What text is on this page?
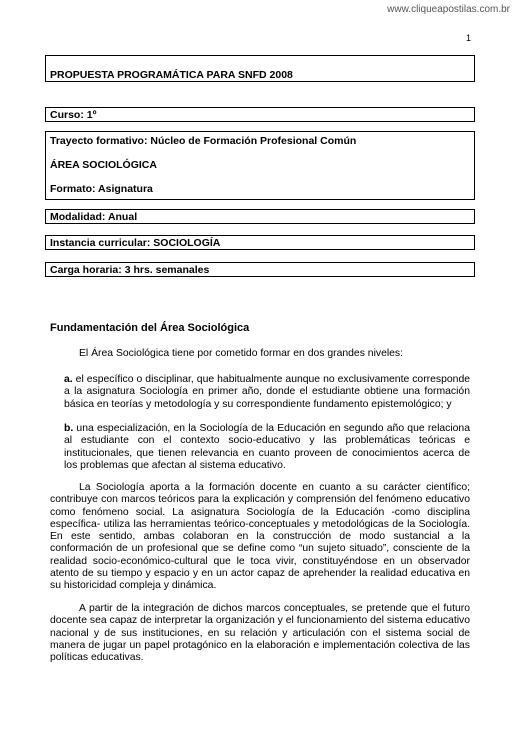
www.cliqueapostilas.com.br
1
PROPUESTA PROGRAMÁTICA PARA SNFD 2008
Curso: 1º
Trayecto formativo: Núcleo de Formación Profesional Común
ÁREA SOCIOLÓGICA
Formato: Asignatura
Modalidad: Anual
Instancia curricular: SOCIOLOGÍA
Carga horaria: 3 hrs. semanales
Fundamentación del Área Sociológica
El Área Sociológica tiene por cometido formar en dos grandes niveles:
a. el específico o disciplinar, que habitualmente aunque no exclusivamente corresponde a la asignatura Sociología en primer año, donde el estudiante obtiene una formación básica en teorías y metodología y su correspondiente fundamento epistemológico; y
b. una especialización, en la Sociología de la Educación en segundo año que relaciona al estudiante con el contexto socio-educativo y las problemáticas teóricas e institucionales, que tienen relevancia en cuanto proveen de conocimientos acerca de los problemas que afectan al sistema educativo.
La Sociología aporta a la formación docente en cuanto a su carácter científico; contribuye con marcos teóricos para la explicación y comprensión del fenómeno educativo como fenómeno social. La asignatura Sociología de la Educación -como disciplina específica- utiliza las herramientas teórico-conceptuales y metodológicas de la Sociología. En este sentido, ambas colaboran en la construcción de modo sustancial a la conformación de un profesional que se define como “un sujeto situado”, consciente de la realidad socio-económico-cultural que le toca vivir, constituyéndose en un observador atento de su tiempo y espacio y en un actor capaz de aprehender la realidad educativa en su historicidad compleja y dinámica.
A partir de la integración de dichos marcos conceptuales, se pretende que el futuro docente sea capaz de interpretar la organización y el funcionamiento del sistema educativo nacional y de sus instituciones, en su relación y articulación con el sistema social de manera de jugar un papel protagónico en la elaboración e implementación colectiva de las políticas educativas.
